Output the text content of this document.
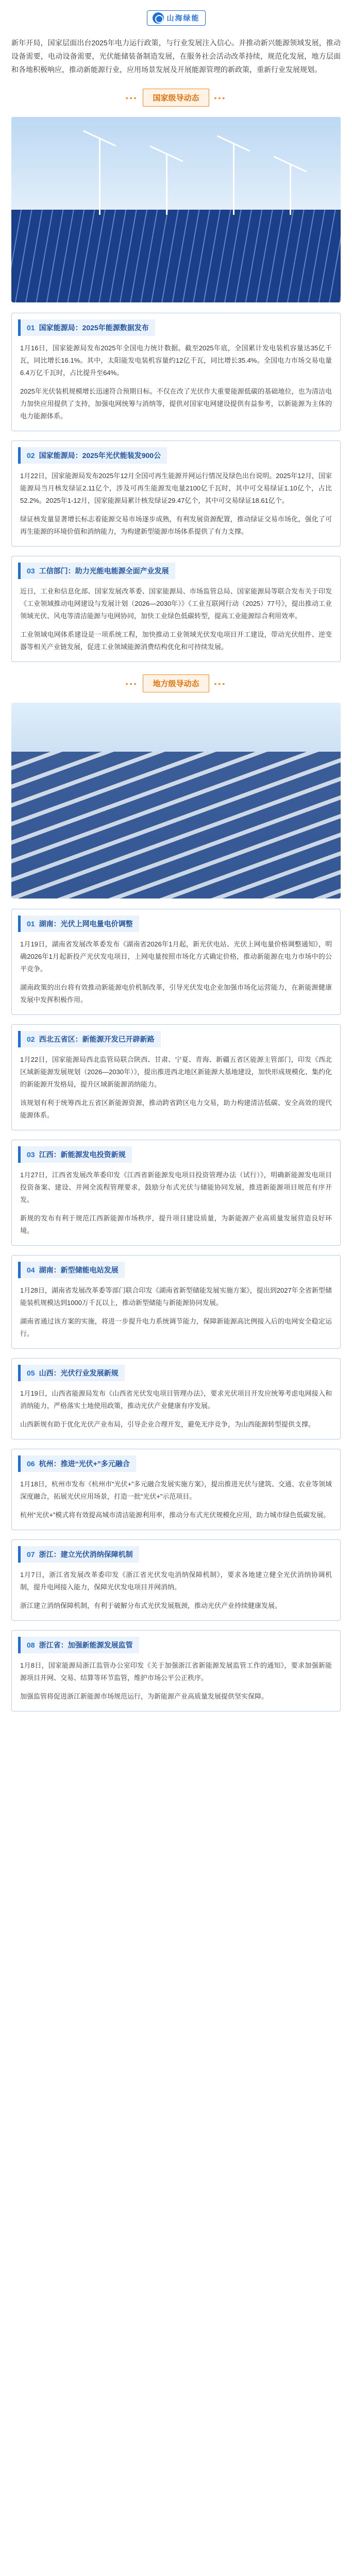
山海绿能

新年开局，国家层面出台2025年电力运行政策，与行业发展注入信心。并推动新兴能源领域发展，推动设备需要，电动设备需要，光伏能储装备制造发展，在服务社会活动改革持续，规范化发展，地方层面和各地积极响应，推动新能源行业，应用场景发展及开展能源管理的新政策，重新行业发展规划。

•••	国家级导动态	•••
01 国家能源局：2025年能源数据发布

1月16日，国家能源局发布2025年全国电力统计数据。截至2025年底，全国累计发电装机容量达35亿千瓦，同比增长16.1%。其中，太阳能发电装机容量约12亿千瓦，同比增长35.4%。全国电力市场交易电量6.4万亿千瓦时，占比提升至64%。

2025年光伏装机规模增长迅速符合预期目标。不仅在改了光伏作大重要能源低碳的基础地位，也为清洁电力加快应用提供了支持，加强电网统筹与消纳等，提供对国家电网建设提供有益参考，以新能源为主体的电力能源体系。

02 国家能源局：2025年光伏能装发900公

1月22日，国家能源局发布2025年12月全国可再生能源并网运行情况及绿色出台说明。2025年12月，国家能源局当月核发绿证2.11亿个，涉及可再生能源发电量2100亿千瓦时，其中可交易绿证1.10亿个，占比52.2%。2025年1-12月，国家能源局累计核发绿证29.47亿个，其中可交易绿证18.61亿个。

绿证核发量显著增长标志着能源交易市场逐步成熟，有利发展资源配置，推动绿证交易市场化，强化了可再生能源的环境价值和消纳能力，为构建新型能源市场体系提供了有力支撑。

03 工信部门：助力光能电能源全面产业发展

近日，工业和信息化部、国家发展改革委、国家能源局、市场监管总局、国家能源局等联合发布关于印发《工业领域推动电网建设与发展计划（2026—2030年）》《工业互联网行动（2025）77号》，提出推动工业领域光伏、风电等清洁能源与电网协同，加快工业绿色低碳转型，提高工业能源综合利用效率。

工业领域电网体系建设是一项系统工程，加快推动工业领域光伏发电项目开工建设，带动光伏组件、逆变器等相关产业链发展，促进工业领域能源消费结构优化和可持续发展。

•••	地方级导动态	•••
01 湖南：光伏上网电量电价调整

1月19日，湖南省发展改革委发布《湖南省2026年1月起，新光伏电站、光伏上网电量价格调整通知》，明确2026年1月起新投产光伏发电项目，上网电量按照市场化方式确定价格，推动新能源在电力市场中的公平竞争。

湖南政策的出台将有效推动新能源电价机制改革，引导光伏发电企业加强市场化运营能力，在新能源健康发展中发挥积极作用。

02 西北五省区：新能源开发已开辟新路

1月22日，国家能源局西北监管局联合陕西、甘肃、宁夏、青海、新疆五省区能源主管部门，印发《西北区域新能源发展规划（2026—2030年）》，提出推进西北地区新能源大基地建设，加快形成规模化、集约化的新能源开发格局，提升区域新能源消纳能力。

该规划有利于统筹西北五省区新能源资源，推动跨省跨区电力交易，助力构建清洁低碳、安全高效的现代能源体系。

03 江西：新能源发电投资新规

1月27日，江西省发展改革委印发《江西省新能源发电项目投资管理办法（试行）》，明确新能源发电项目投资备案、建设、并网全流程管理要求，鼓励分布式光伏与储能协同发展，推进新能源项目规范有序开发。

新规的发布有利于规范江西新能源市场秩序，提升项目建设质量，为新能源产业高质量发展营造良好环境。

04 湖南：新型储能电站发展

1月28日，湖南省发展改革委等部门联合印发《湖南省新型储能发展实施方案》，提出到2027年全省新型储能装机规模达到1000万千瓦以上，推动新型储能与新能源协同发展。

湖南省通过该方案的实施，将进一步提升电力系统调节能力，保障新能源高比例接入后的电网安全稳定运行。

05 山西：光伏行业发展新规

1月19日，山西省能源局发布《山西省光伏发电项目管理办法》，要求光伏项目开发应统筹考虑电网接入和消纳能力，严格落实土地使用政策，推动光伏产业健康有序发展。

山西新规有助于优化光伏产业布局，引导企业合理开发，避免无序竞争，为山西能源转型提供支撑。

06 杭州：推进“光伏+”多元融合

1月18日，杭州市发布《杭州市“光伏+”多元融合发展实施方案》，提出推进光伏与建筑、交通、农业等领域深度融合，拓展光伏应用场景，打造一批“光伏+”示范项目。

杭州“光伏+”模式将有效提高城市清洁能源利用率，推动分布式光伏规模化应用，助力城市绿色低碳发展。

07 浙江：建立光伏消纳保障机制

1月7日，浙江省发展改革委印发《浙江省光伏发电消纳保障机制》，要求各地建立健全光伏消纳协调机制，提升电网接入能力，保障光伏发电项目并网消纳。

浙江建立消纳保障机制，有利于破解分布式光伏发展瓶颈，推动光伏产业持续健康发展。

08 浙江省：加强新能源发展监管

1月8日，国家能源局浙江监管办公室印发《关于加强浙江省新能源发展监管工作的通知》，要求加强新能源项目并网、交易、结算等环节监管，维护市场公平公正秩序。

加强监管将促进浙江新能源市场规范运行，为新能源产业高质量发展提供坚实保障。
